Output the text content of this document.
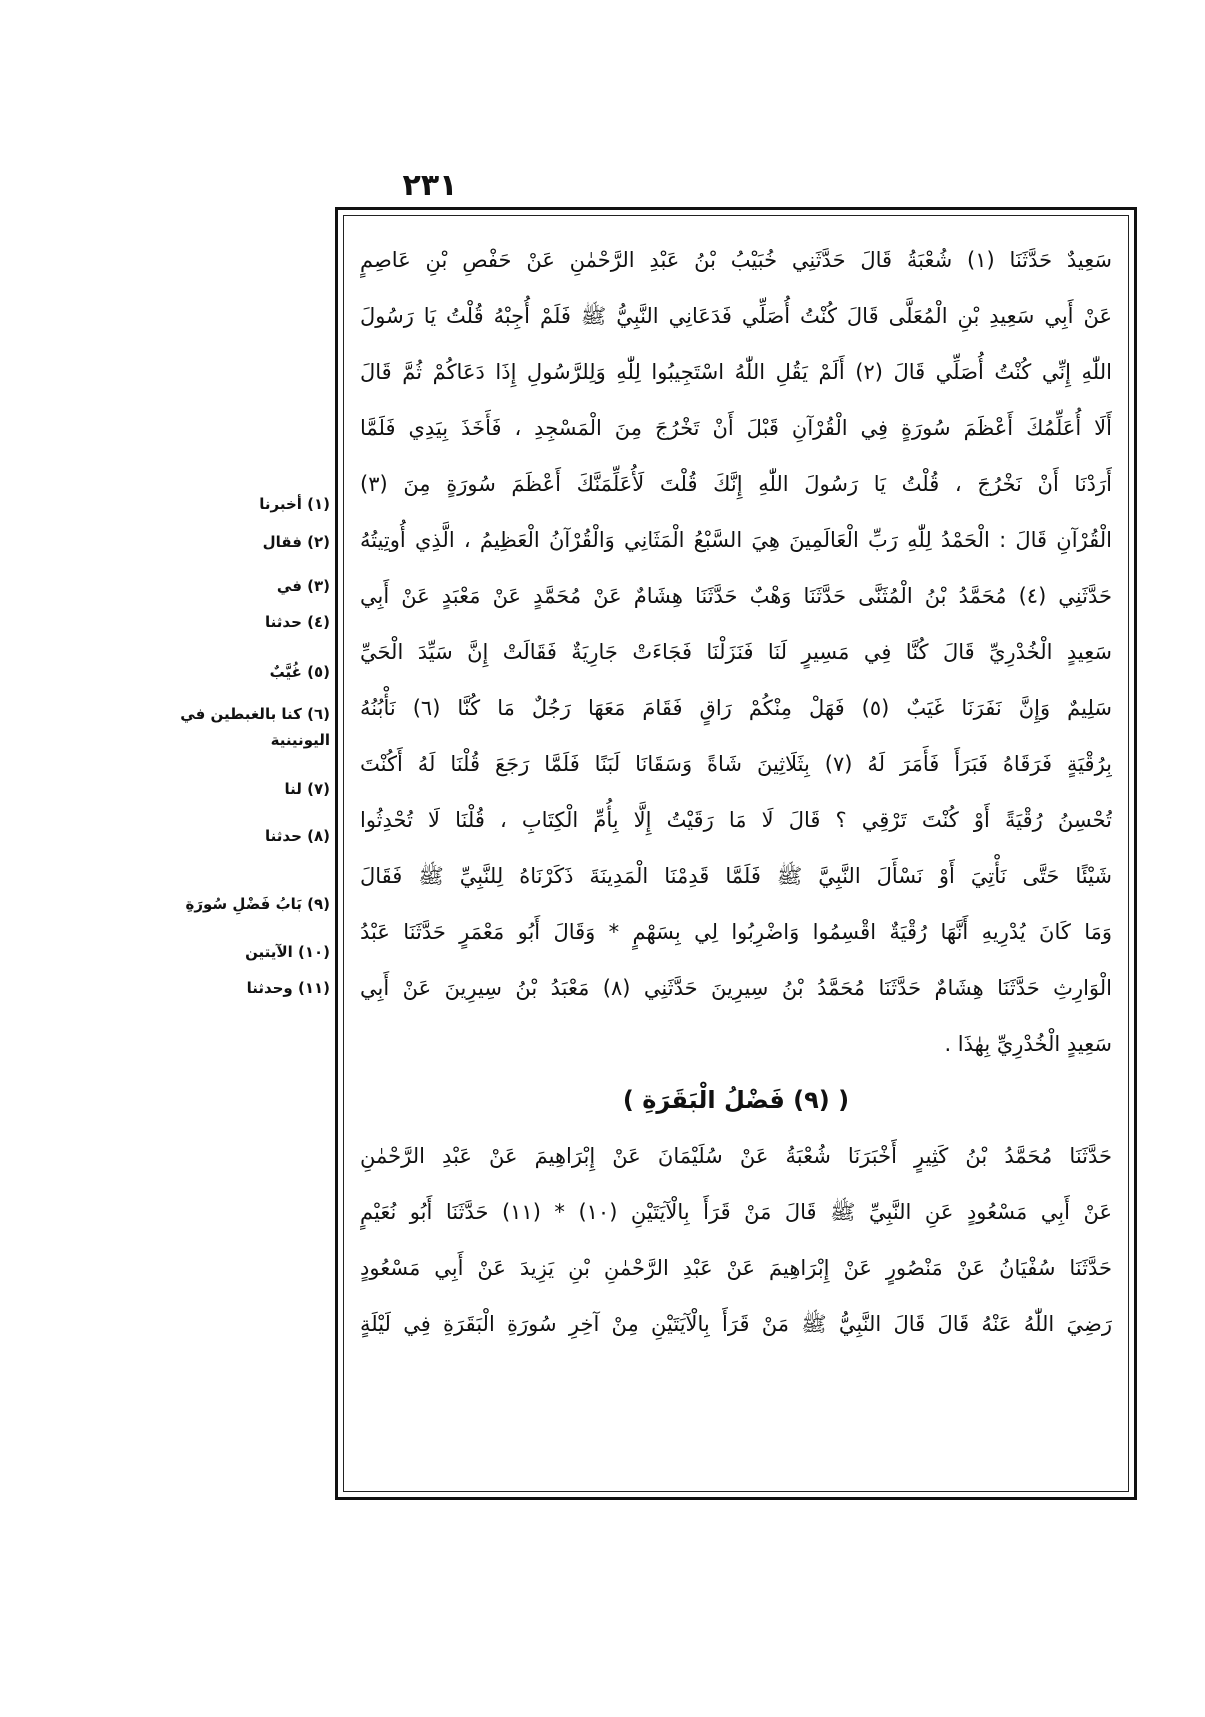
٢٣١
سَعِيدٌ حَدَّثَنَا (١) شُعْبَةُ قَالَ حَدَّثَنِي خُبَيْبُ بْنُ عَبْدِ الرَّحْمٰنِ عَنْ حَفْصِ بْنِ عَاصِمٍ
عَنْ أَبِي سَعِيدِ بْنِ الْمُعَلَّى قَالَ كُنْتُ أُصَلِّي فَدَعَانِي النَّبِيُّ ﷺ فَلَمْ أُجِبْهُ قُلْتُ يَا رَسُولَ
اللّٰهِ إِنِّي كُنْتُ أُصَلِّي قَالَ (٢) أَلَمْ يَقُلِ اللّٰهُ اسْتَجِيبُوا لِلّٰهِ وَلِلرَّسُولِ إِذَا دَعَاكُمْ ثُمَّ قَالَ
أَلَا أُعَلِّمُكَ أَعْظَمَ سُورَةٍ فِي الْقُرْآنِ قَبْلَ أَنْ تَخْرُجَ مِنَ الْمَسْجِدِ ، فَأَخَذَ بِيَدِي فَلَمَّا
أَرَدْنَا أَنْ نَخْرُجَ ، قُلْتُ يَا رَسُولَ اللّٰهِ إِنَّكَ قُلْتَ لَأُعَلِّمَنَّكَ أَعْظَمَ سُورَةٍ مِنَ (٣)
الْقُرْآنِ قَالَ : الْحَمْدُ لِلّٰهِ رَبِّ الْعَالَمِينَ هِيَ السَّبْعُ الْمَثَانِي وَالْقُرْآنُ الْعَظِيمُ ، الَّذِي أُوتِيتُهُ
حَدَّثَنِي (٤) مُحَمَّدُ بْنُ الْمُثَنَّى حَدَّثَنَا وَهْبٌ حَدَّثَنَا هِشَامٌ عَنْ مُحَمَّدٍ عَنْ مَعْبَدٍ عَنْ أَبِي
سَعِيدٍ الْخُدْرِيِّ قَالَ كُنَّا فِي مَسِيرٍ لَنَا فَنَزَلْنَا فَجَاءَتْ جَارِيَةٌ فَقَالَتْ إِنَّ سَيِّدَ الْحَيِّ
سَلِيمٌ وَإِنَّ نَفَرَنَا غَيَبٌ (٥) فَهَلْ مِنْكُمْ رَاقٍ فَقَامَ مَعَهَا رَجُلٌ مَا كُنَّا (٦) نَأْبُنُهُ
بِرُقْيَةٍ فَرَقَاهُ فَبَرَأَ فَأَمَرَ لَهُ (٧) بِثَلَاثِينَ شَاةً وَسَقَانَا لَبَنًا فَلَمَّا رَجَعَ قُلْنَا لَهُ أَكُنْتَ
تُحْسِنُ رُقْيَةً أَوْ كُنْتَ تَرْقِي ؟ قَالَ لَا مَا رَقَيْتُ إِلَّا بِأُمِّ الْكِتَابِ ، قُلْنَا لَا تُحْدِثُوا
شَيْئًا حَتَّى نَأْتِيَ أَوْ نَسْأَلَ النَّبِيَّ ﷺ فَلَمَّا قَدِمْنَا الْمَدِينَةَ ذَكَرْنَاهُ لِلنَّبِيِّ ﷺ فَقَالَ
وَمَا كَانَ يُدْرِيهِ أَنَّهَا رُقْيَةٌ اقْسِمُوا وَاضْرِبُوا لِي بِسَهْمٍ * وَقَالَ أَبُو مَعْمَرٍ حَدَّثَنَا عَبْدُ
الْوَارِثِ حَدَّثَنَا هِشَامٌ حَدَّثَنَا مُحَمَّدُ بْنُ سِيرِينَ حَدَّثَنِي (٨) مَعْبَدُ بْنُ سِيرِينَ عَنْ أَبِي
سَعِيدٍ الْخُدْرِيِّ بِهٰذَا .
( (٩) فَضْلُ الْبَقَرَةِ )
حَدَّثَنَا مُحَمَّدُ بْنُ كَثِيرٍ أَخْبَرَنَا شُعْبَةُ عَنْ سُلَيْمَانَ عَنْ إِبْرَاهِيمَ عَنْ عَبْدِ الرَّحْمٰنِ
عَنْ أَبِي مَسْعُودٍ عَنِ النَّبِيِّ ﷺ قَالَ مَنْ قَرَأَ بِالْآيَتَيْنِ (١٠) * (١١) حَدَّثَنَا أَبُو نُعَيْمٍ
حَدَّثَنَا سُفْيَانُ عَنْ مَنْصُورٍ عَنْ إِبْرَاهِيمَ عَنْ عَبْدِ الرَّحْمٰنِ بْنِ يَزِيدَ عَنْ أَبِي مَسْعُودٍ
رَضِيَ اللّٰهُ عَنْهُ قَالَ قَالَ النَّبِيُّ ﷺ مَنْ قَرَأَ بِالْآيَتَيْنِ مِنْ آخِرِ سُورَةِ الْبَقَرَةِ فِي لَيْلَةٍ
(١) أخبرنا
(٢) فقال
(٣) في
(٤) حدثنا
(٥) غُيَّبٌ
(٦) كنا بالغبطين في
اليونينية
(٧) لنا
(٨) حدثنا
(٩) بَابُ فَضْلِ سُورَةِ
(١٠) الآيتين
(١١) وحدثنا
